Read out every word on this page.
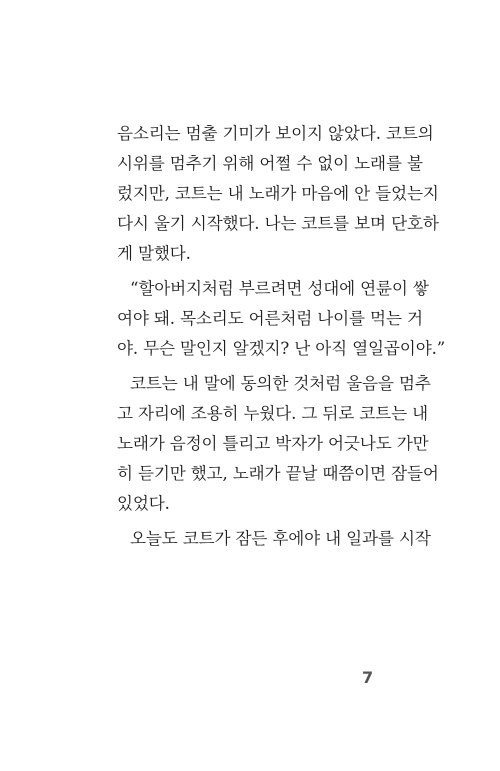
음소리는 멈출 기미가 보이지 않았다. 코트의
시위를 멈추기 위해 어쩔 수 없이 노래를 불
렀지만, 코트는 내 노래가 마음에 안 들었는지
다시 울기 시작했다. 나는 코트를 보며 단호하
게 말했다.
“할아버지처럼 부르려면 성대에 연륜이 쌓
여야 돼. 목소리도 어른처럼 나이를 먹는 거
야. 무슨 말인지 알겠지? 난 아직 열일곱이야.”
코트는 내 말에 동의한 것처럼 울음을 멈추
고 자리에 조용히 누웠다. 그 뒤로 코트는 내
노래가 음정이 틀리고 박자가 어긋나도 가만
히 듣기만 했고, 노래가 끝날 때쯤이면 잠들어
있었다.
오늘도 코트가 잠든 후에야 내 일과를 시작
7
